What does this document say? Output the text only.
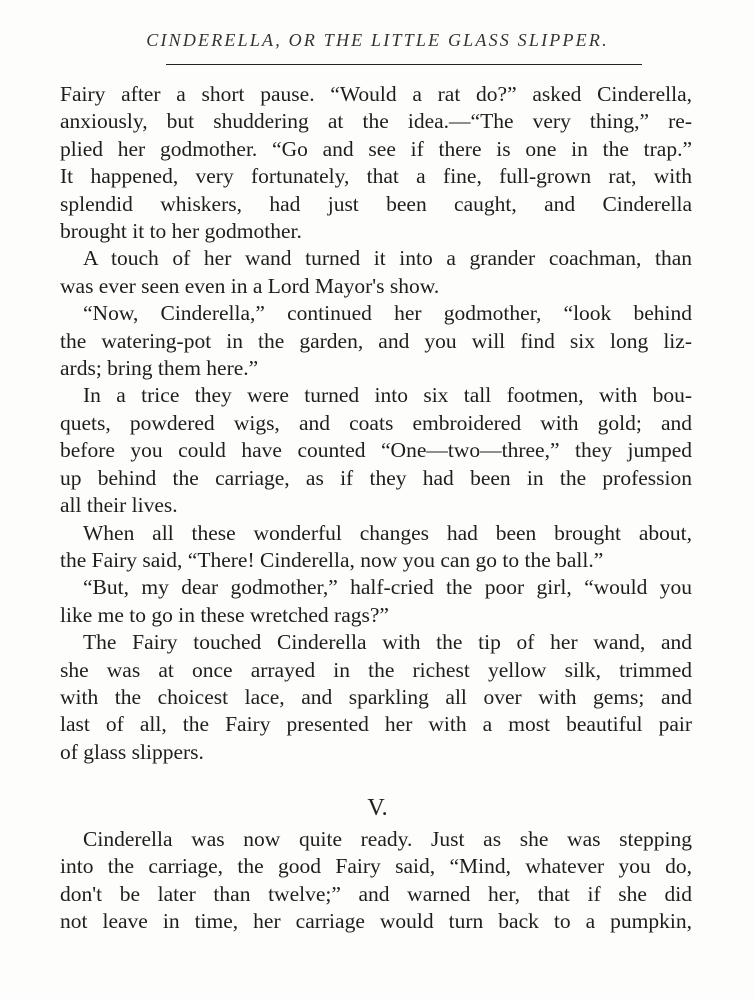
CINDERELLA, OR THE LITTLE GLASS SLIPPER.

Fairy after a short pause. “Would a rat do?” asked Cinderella,
anxiously, but shuddering at the idea.—“The very thing,” re-
plied her godmother. “Go and see if there is one in the trap.”
It happened, very fortunately, that a fine, full-grown rat, with
splendid whiskers, had just been caught, and Cinderella
brought it to her godmother.

A touch of her wand turned it into a grander coachman, than
was ever seen even in a Lord Mayor's show.

“Now, Cinderella,” continued her godmother, “look behind
the watering-pot in the garden, and you will find six long liz-
ards; bring them here.”

In a trice they were turned into six tall footmen, with bou-
quets, powdered wigs, and coats embroidered with gold; and
before you could have counted “One—two—three,” they jumped
up behind the carriage, as if they had been in the profession
all their lives.

When all these wonderful changes had been brought about,
the Fairy said, “There! Cinderella, now you can go to the ball.”

“But, my dear godmother,” half-cried the poor girl, “would you
like me to go in these wretched rags?”

The Fairy touched Cinderella with the tip of her wand, and
she was at once arrayed in the richest yellow silk, trimmed
with the choicest lace, and sparkling all over with gems; and
last of all, the Fairy presented her with a most beautiful pair
of glass slippers.

V.

Cinderella was now quite ready. Just as she was stepping
into the carriage, the good Fairy said, “Mind, whatever you do,
don't be later than twelve;” and warned her, that if she did
not leave in time, her carriage would turn back to a pumpkin,
